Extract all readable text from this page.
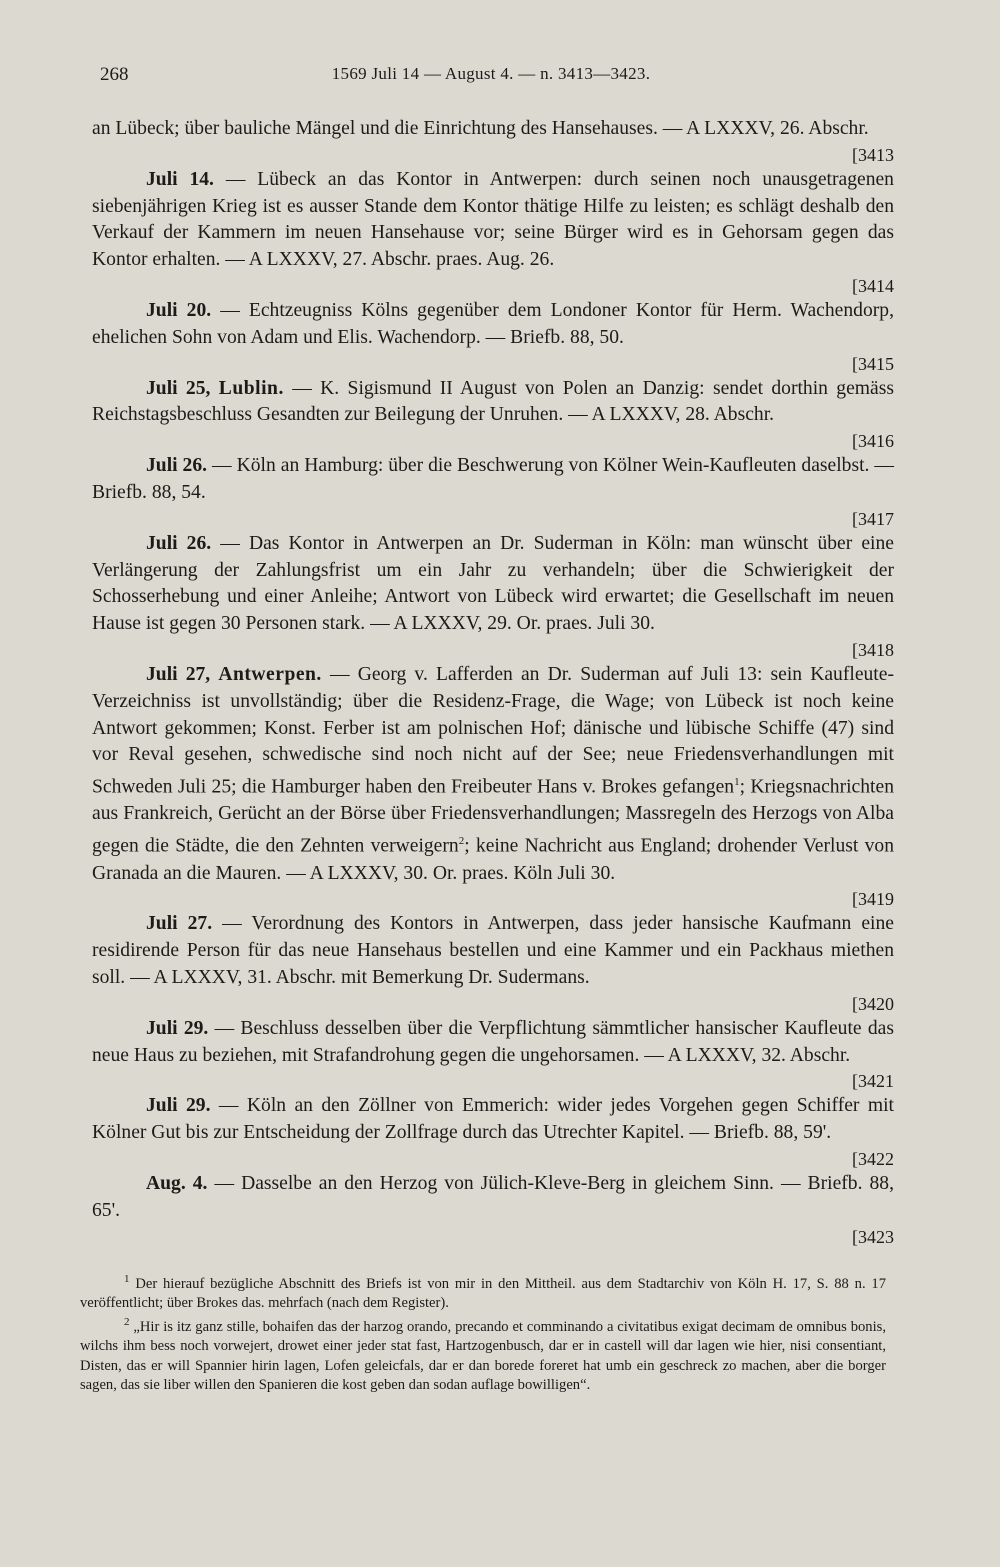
268	1569 Juli 14 — August 4. — n. 3413—3423.

an Lübeck; über bauliche Mängel und die Einrichtung des Hansehauses. — A LXXXV, 26. Abschr.

[3413

Juli 14. — Lübeck an das Kontor in Antwerpen: durch seinen noch unausgetragenen siebenjährigen Krieg ist es ausser Stande dem Kontor thätige Hilfe zu leisten; es schlägt deshalb den Verkauf der Kammern im neuen Hansehause vor; seine Bürger wird es in Gehorsam gegen das Kontor erhalten. — A LXXXV, 27. Abschr. praes. Aug. 26.

[3414

Juli 20. — Echtzeugniss Kölns gegenüber dem Londoner Kontor für Herm. Wachendorp, ehelichen Sohn von Adam und Elis. Wachendorp. — Briefb. 88, 50.

[3415

Juli 25, Lublin. — K. Sigismund II August von Polen an Danzig: sendet dorthin gemäss Reichstagsbeschluss Gesandten zur Beilegung der Unruhen. — A LXXXV, 28. Abschr.

[3416

Juli 26. — Köln an Hamburg: über die Beschwerung von Kölner Wein-Kaufleuten daselbst. — Briefb. 88, 54.

[3417

Juli 26. — Das Kontor in Antwerpen an Dr. Suderman in Köln: man wünscht über eine Verlängerung der Zahlungsfrist um ein Jahr zu verhandeln; über die Schwierigkeit der Schosserhebung und einer Anleihe; Antwort von Lübeck wird erwartet; die Gesellschaft im neuen Hause ist gegen 30 Personen stark. — A LXXXV, 29. Or. praes. Juli 30.

[3418

Juli 27, Antwerpen. — Georg v. Lafferden an Dr. Suderman auf Juli 13: sein Kaufleute-Verzeichniss ist unvollständig; über die Residenz-Frage, die Wage; von Lübeck ist noch keine Antwort gekommen; Konst. Ferber ist am polnischen Hof; dänische und lübische Schiffe (47) sind vor Reval gesehen, schwedische sind noch nicht auf der See; neue Friedensverhandlungen mit Schweden Juli 25; die Hamburger haben den Freibeuter Hans v. Brokes gefangen$^1$; Kriegsnachrichten aus Frankreich, Gerücht an der Börse über Friedensverhandlungen; Massregeln des Herzogs von Alba gegen die Städte, die den Zehnten verweigern$^2$; keine Nachricht aus England; drohender Verlust von Granada an die Mauren. — A LXXXV, 30. Or. praes. Köln Juli 30.

[3419

Juli 27. — Verordnung des Kontors in Antwerpen, dass jeder hansische Kaufmann eine residirende Person für das neue Hansehaus bestellen und eine Kammer und ein Packhaus miethen soll. — A LXXXV, 31. Abschr. mit Bemerkung Dr. Sudermans.

[3420

Juli 29. — Beschluss desselben über die Verpflichtung sämmtlicher hansischer Kaufleute das neue Haus zu beziehen, mit Strafandrohung gegen die ungehorsamen. — A LXXXV, 32. Abschr.

[3421

Juli 29. — Köln an den Zöllner von Emmerich: wider jedes Vorgehen gegen Schiffer mit Kölner Gut bis zur Entscheidung der Zollfrage durch das Utrechter Kapitel. — Briefb. 88, 59'.

[3422

Aug. 4. — Dasselbe an den Herzog von Jülich-Kleve-Berg in gleichem Sinn. — Briefb. 88, 65'.

[3423

$^1$ Der hierauf bezügliche Abschnitt des Briefs ist von mir in den Mittheil. aus dem Stadtarchiv von Köln H. 17, S. 88 n. 17 veröffentlicht; über Brokes das. mehrfach (nach dem Register).

$^2$ „Hir is itz ganz stille, bohaifen das der harzog orando, precando et comminando a civitatibus exigat decimam de omnibus bonis, wilchs ihm bess noch vorwejert, drowet einer jeder stat fast, Hartzogenbusch, dar er in castell will dar lagen wie hier, nisi consentiant, Disten, das er will Spannier hirin lagen, Lofen geleicfals, dar er dan borede foreret hat umb ein geschreck zo machen, aber die borger sagen, das sie liber willen den Spanieren die kost geben dan sodan auflage bowilligen“.
